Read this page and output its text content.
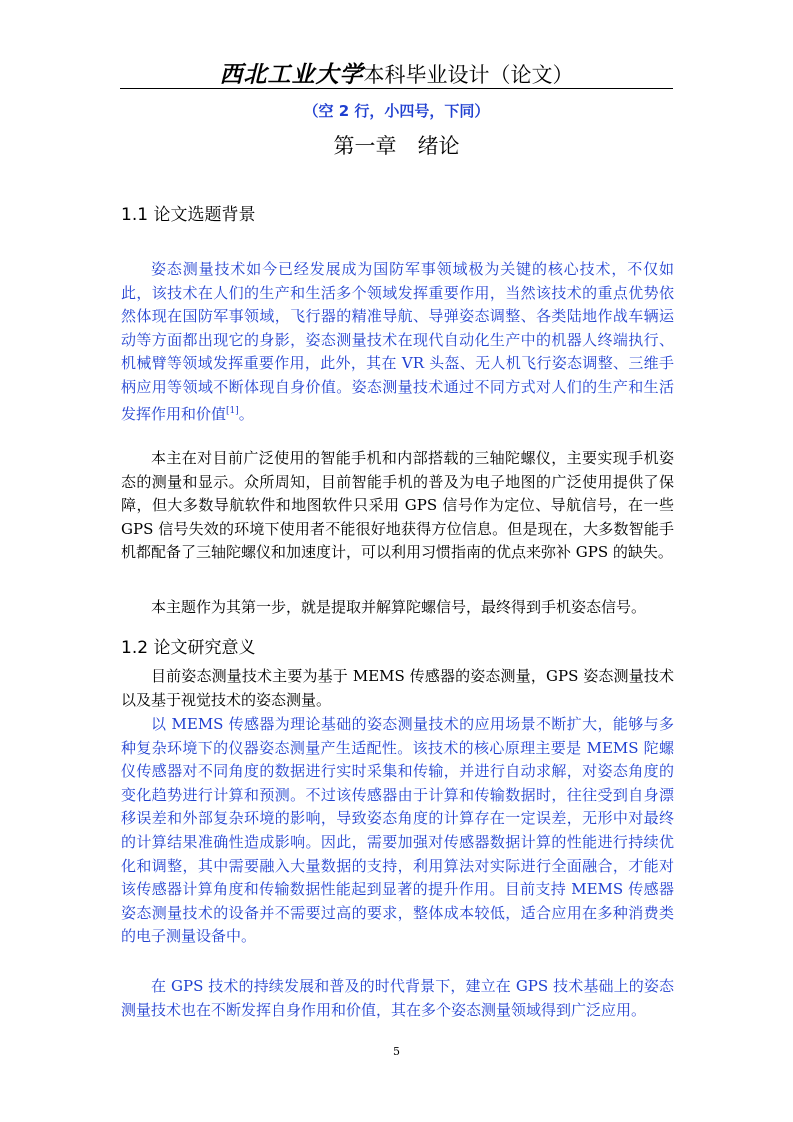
西北工业大学本科毕业设计（论文）
（空 2 行，小四号，下同）
第一章　绪论
1.1 论文选题背景

姿态测量技术如今已经发展成为国防军事领域极为关键的核心技术，不仅如此，该技术在人们的生产和生活多个领域发挥重要作用，当然该技术的重点优势依然体现在国防军事领域，飞行器的精准导航、导弹姿态调整、各类陆地作战车辆运动等方面都出现它的身影，姿态测量技术在现代自动化生产中的机器人终端执行、机械臂等领域发挥重要作用，此外，其在 VR 头盔、无人机飞行姿态调整、三维手柄应用等领域不断体现自身价值。姿态测量技术通过不同方式对人们的生产和生活发挥作用和价值[1]。

本主在对目前广泛使用的智能手机和内部搭载的三轴陀螺仪，主要实现手机姿态的测量和显示。众所周知，目前智能手机的普及为电子地图的广泛使用提供了保障，但大多数导航软件和地图软件只采用 GPS 信号作为定位、导航信号，在一些 GPS 信号失效的环境下使用者不能很好地获得方位信息。但是现在，大多数智能手机都配备了三轴陀螺仪和加速度计，可以利用习惯指南的优点来弥补 GPS 的缺失。

本主题作为其第一步，就是提取并解算陀螺信号，最终得到手机姿态信号。

1.2 论文研究意义

目前姿态测量技术主要为基于 MEMS 传感器的姿态测量，GPS 姿态测量技术以及基于视觉技术的姿态测量。

以 MEMS 传感器为理论基础的姿态测量技术的应用场景不断扩大，能够与多种复杂环境下的仪器姿态测量产生适配性。该技术的核心原理主要是 MEMS 陀螺仪传感器对不同角度的数据进行实时采集和传输，并进行自动求解，对姿态角度的变化趋势进行计算和预测。不过该传感器由于计算和传输数据时，往往受到自身漂移误差和外部复杂环境的影响，导致姿态角度的计算存在一定误差，无形中对最终的计算结果准确性造成影响。因此，需要加强对传感器数据计算的性能进行持续优化和调整，其中需要融入大量数据的支持，利用算法对实际进行全面融合，才能对该传感器计算角度和传输数据性能起到显著的提升作用。目前支持 MEMS 传感器姿态测量技术的设备并不需要过高的要求，整体成本较低，适合应用在多种消费类的电子测量设备中。

在 GPS 技术的持续发展和普及的时代背景下，建立在 GPS 技术基础上的姿态测量技术也在不断发挥自身作用和价值，其在多个姿态测量领域得到广泛应用。

5
